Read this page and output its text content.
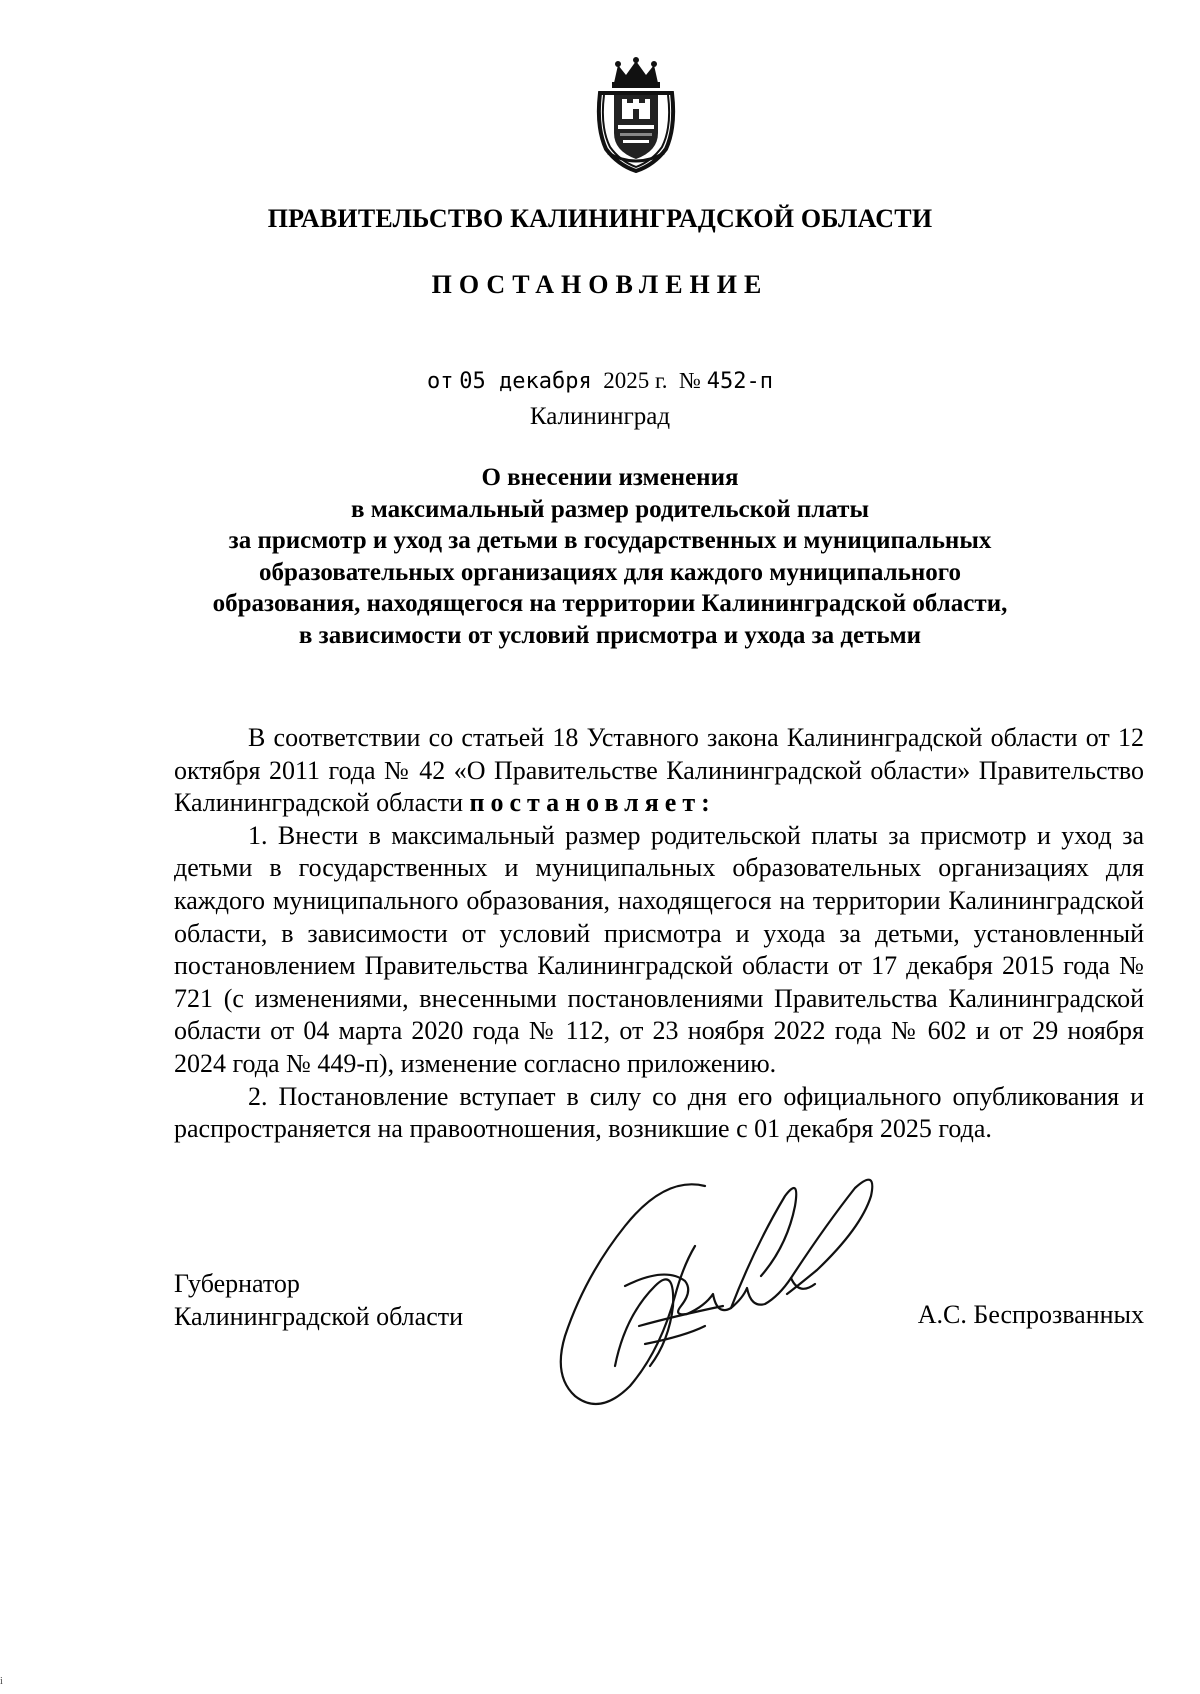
ПРАВИТЕЛЬСТВО КАЛИНИНГРАДСКОЙ ОБЛАСТИ
ПОСТАНОВЛЕНИЕ
от 05 декабря 2025 г. № 452-п
Калининград
О внесении изменения
в максимальный размер родительской платы
за присмотр и уход за детьми в государственных и муниципальных
образовательных организациях для каждого муниципального
образования, находящегося на территории Калининградской области,
в зависимости от условий присмотра и ухода за детьми

В соответствии со статьей 18 Уставного закона Калининградской области от 12 октября 2011 года № 42 «О Правительстве Калининградской области» Правительство Калининградской области постановляет:

1. Внести в максимальный размер родительской платы за присмотр и уход за детьми в государственных и муниципальных образовательных организациях для каждого муниципального образования, находящегося на территории Калининградской области, в зависимости от условий присмотра и ухода за детьми, установленный постановлением Правительства Калининградской области от 17 декабря 2015 года № 721 (с изменениями, внесенными постановлениями Правительства Калининградской области от 04 марта 2020 года № 112, от 23 ноября 2022 года № 602 и от 29 ноября 2024 года № 449-п), изменение согласно приложению.

2. Постановление вступает в силу со дня его официального опубликования и распространяется на правоотношения, возникшие с 01 декабря 2025 года.

Губернатор
Калининградской области	А.С. Беспрозванных
i
